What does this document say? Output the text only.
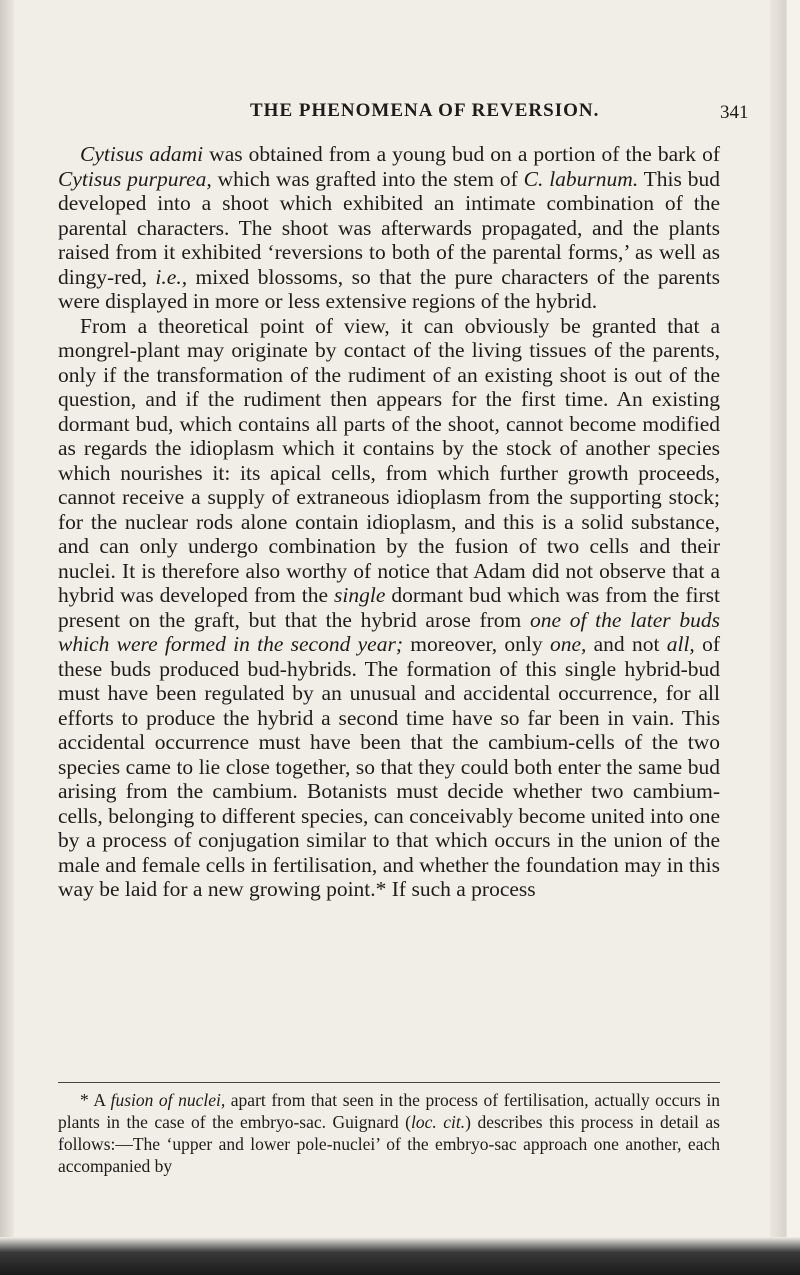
THE PHENOMENA OF REVERSION.	341

Cytisus adami was obtained from a young bud on a portion of the bark of Cytisus purpurea, which was grafted into the stem of C. laburnum. This bud developed into a shoot which exhibited an intimate combination of the parental characters. The shoot was afterwards propagated, and the plants raised from it exhibited ‘reversions to both of the parental forms,’ as well as dingy-red, i.e., mixed blossoms, so that the pure characters of the parents were displayed in more or less extensive regions of the hybrid.

From a theoretical point of view, it can obviously be granted that a mongrel-plant may originate by contact of the living tissues of the parents, only if the transformation of the rudiment of an existing shoot is out of the question, and if the rudiment then appears for the first time. An existing dormant bud, which contains all parts of the shoot, cannot become modified as regards the idioplasm which it contains by the stock of another species which nourishes it: its apical cells, from which further growth proceeds, cannot receive a supply of extraneous idioplasm from the supporting stock; for the nuclear rods alone contain idioplasm, and this is a solid substance, and can only undergo combination by the fusion of two cells and their nuclei. It is therefore also worthy of notice that Adam did not observe that a hybrid was developed from the single dormant bud which was from the first present on the graft, but that the hybrid arose from one of the later buds which were formed in the second year; moreover, only one, and not all, of these buds produced bud-hybrids. The formation of this single hybrid-bud must have been regulated by an unusual and accidental occurrence, for all efforts to produce the hybrid a second time have so far been in vain. This accidental occurrence must have been that the cambium-cells of the two species came to lie close together, so that they could both enter the same bud arising from the cambium. Botanists must decide whether two cambium-cells, belonging to different species, can conceivably become united into one by a process of conjugation similar to that which occurs in the union of the male and female cells in fertilisation, and whether the foundation may in this way be laid for a new growing point.* If such a process

* A fusion of nuclei, apart from that seen in the process of fertilisation, actually occurs in plants in the case of the embryo-sac. Guignard (loc. cit.) describes this process in detail as follows:—The ‘upper and lower pole-nuclei’ of the embryo-sac approach one another, each accompanied by
